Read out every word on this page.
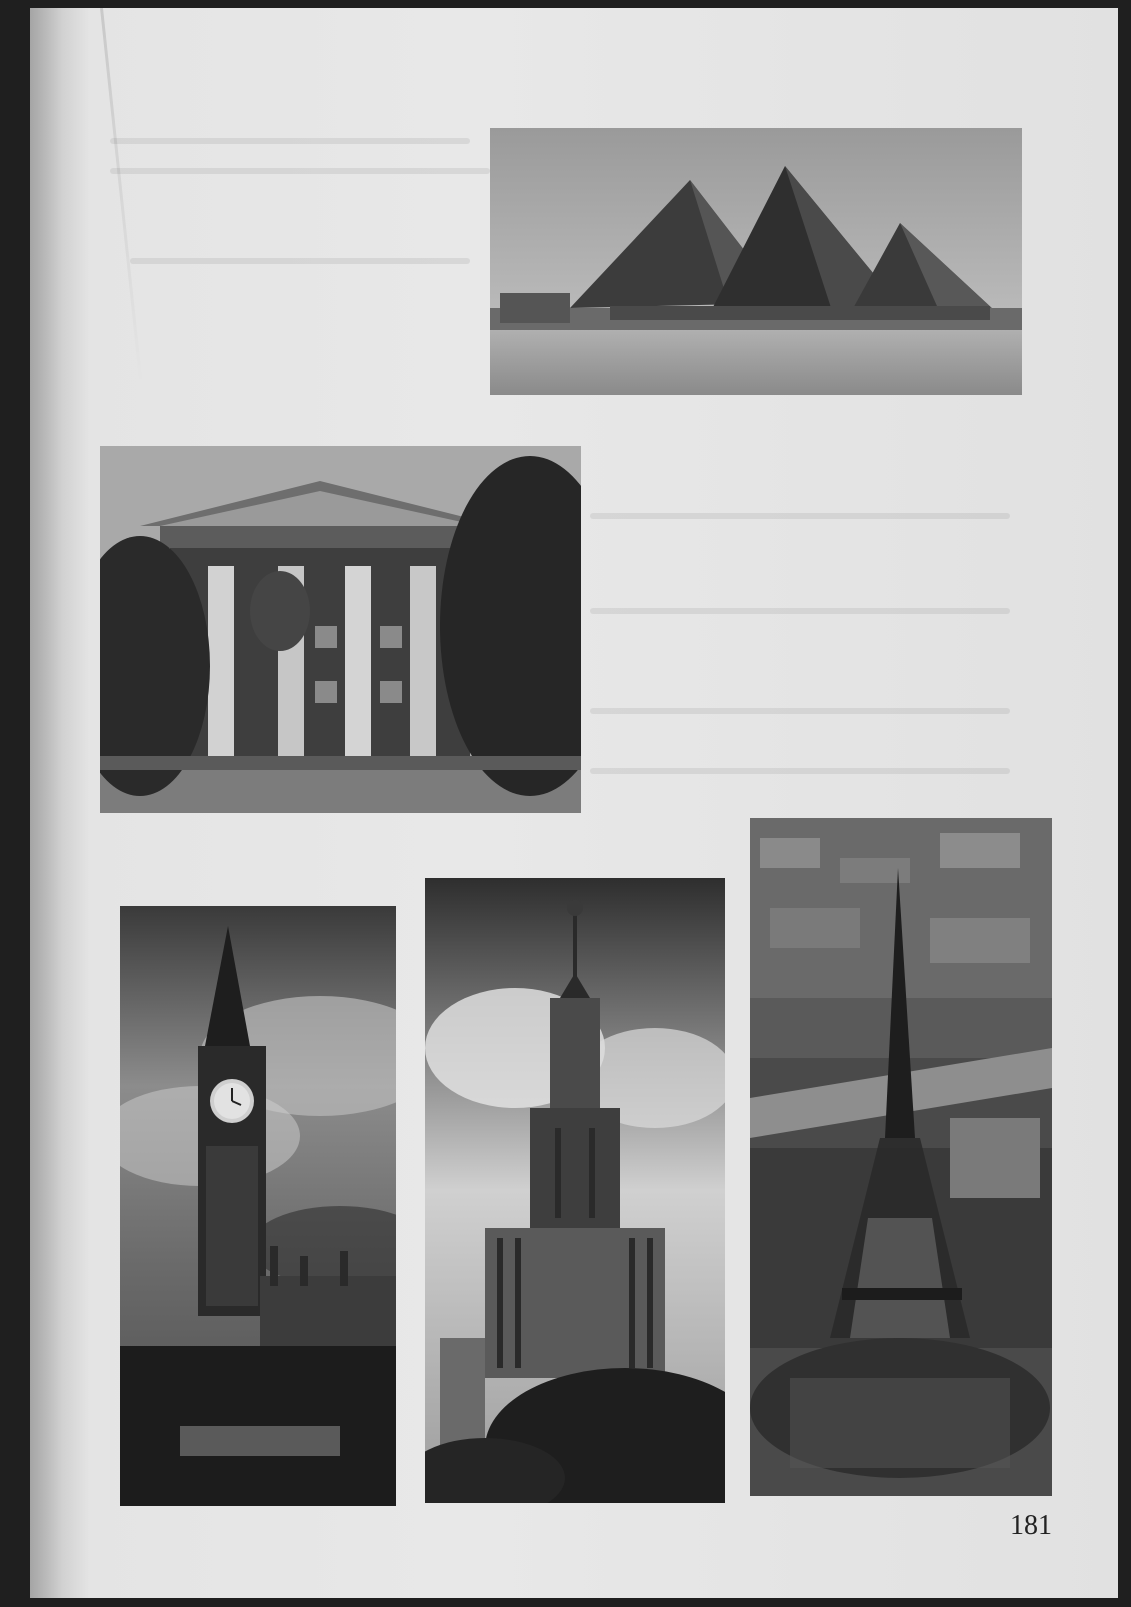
181
